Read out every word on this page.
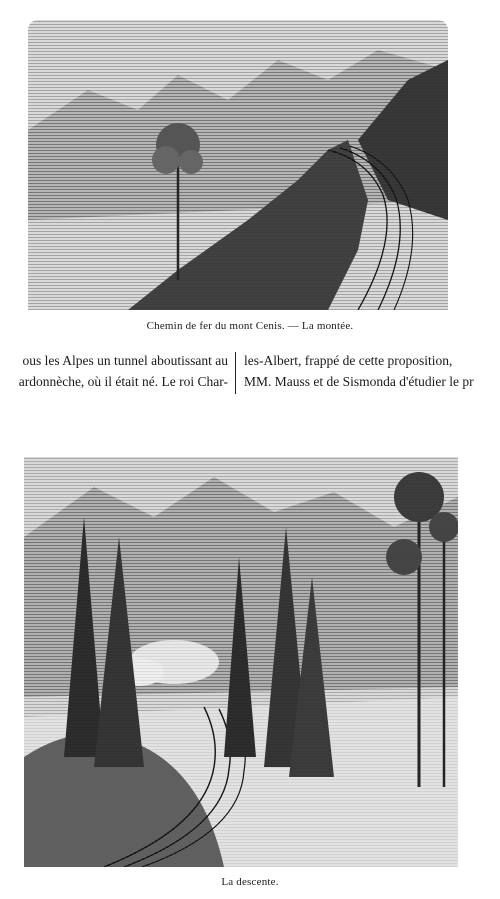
Chemin de fer du mont Cenis. — La montée.
ous les Alpes un tunnel aboutissant au
ardonnèche, où il était né. Le roi Char-
les-Albert, frappé de cette proposition,
MM. Mauss et de Sismonda d'étudier le pr
La descente.
